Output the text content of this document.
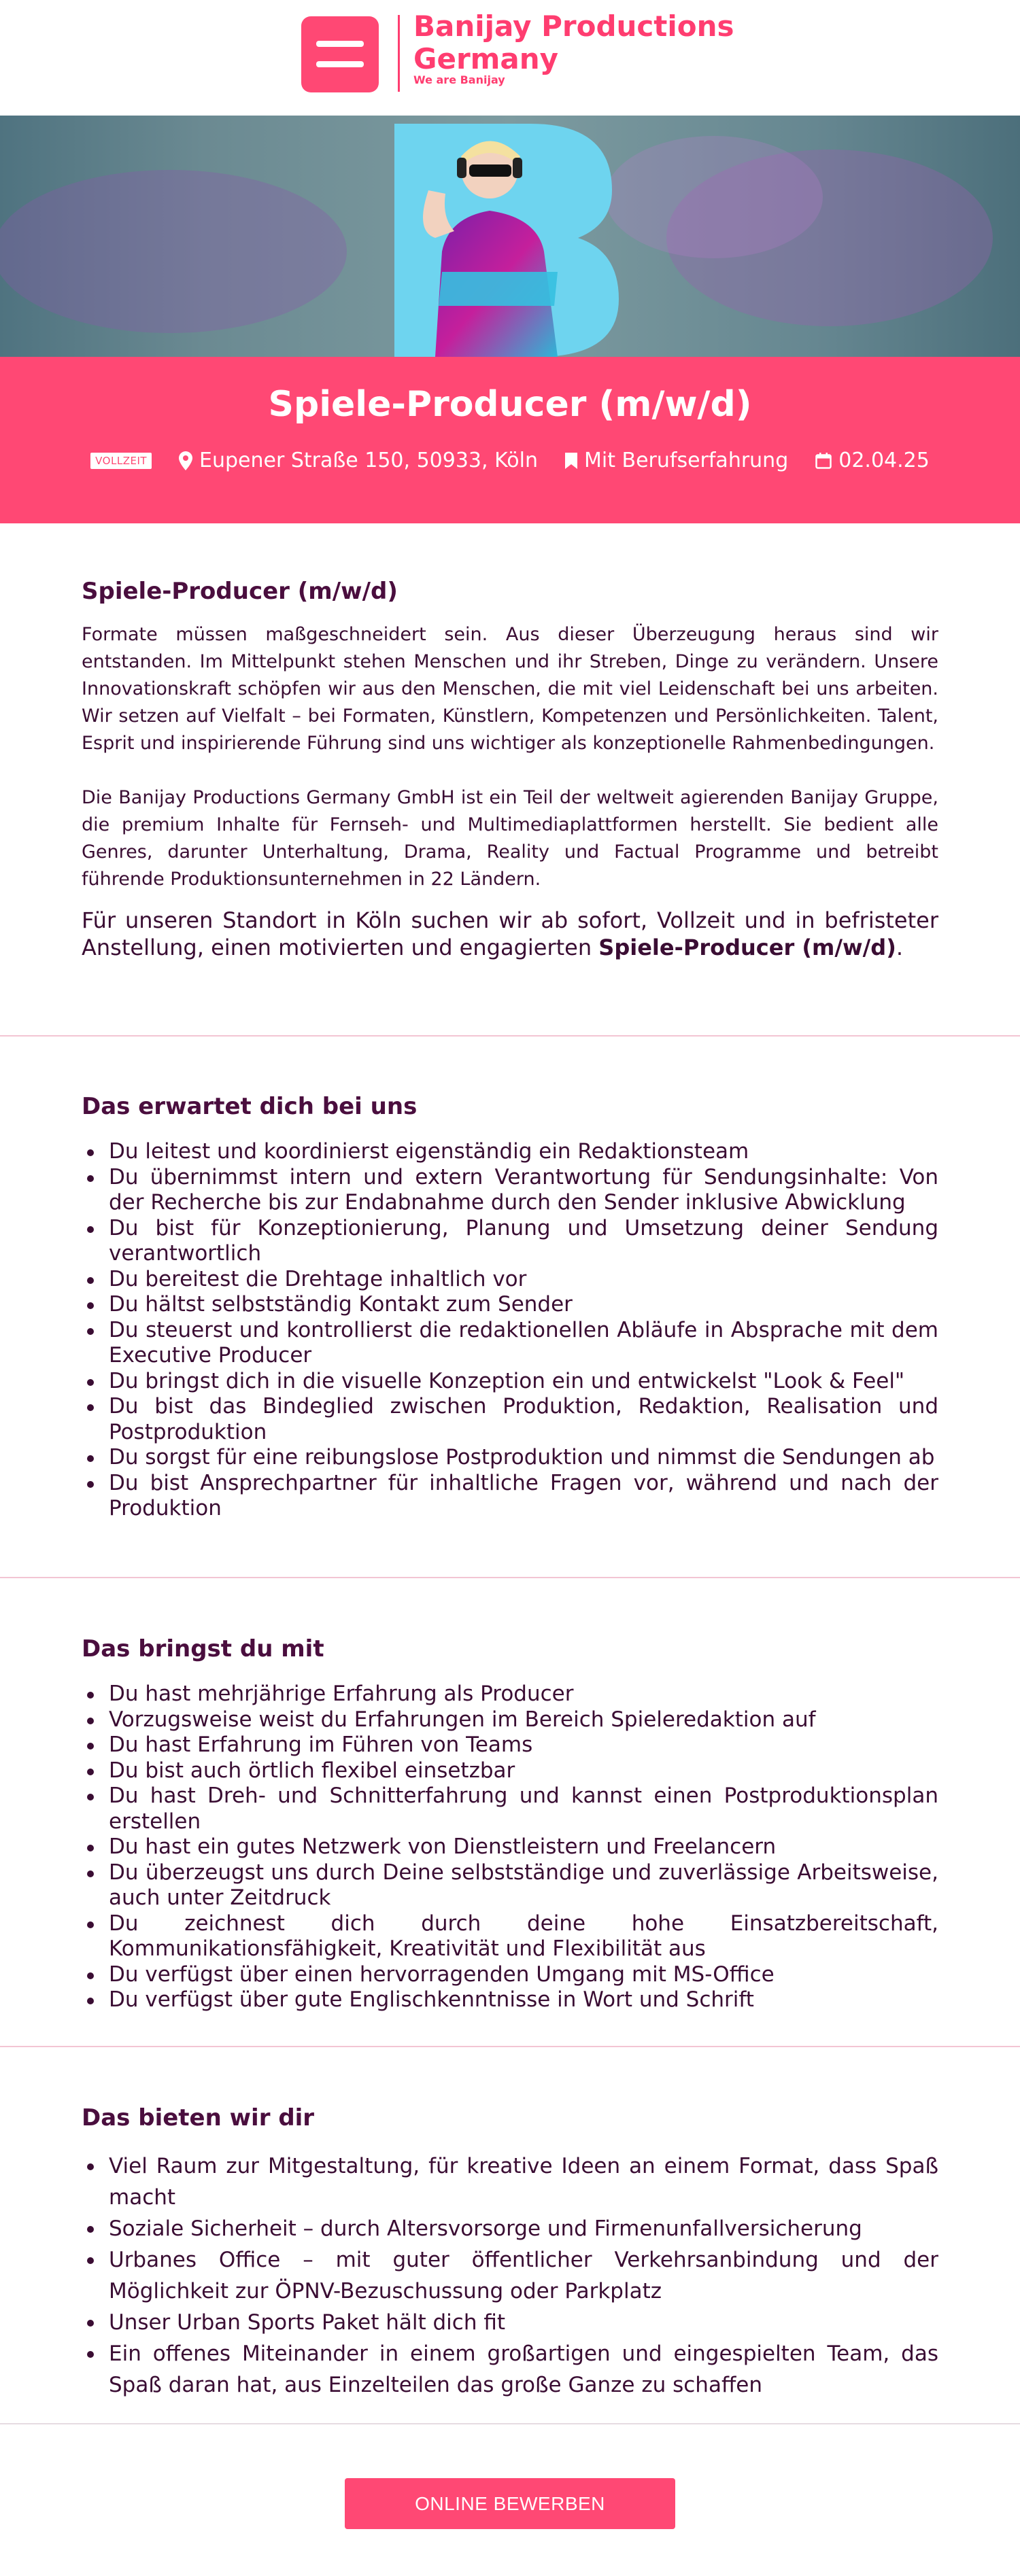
Banijay Productions
Germany
We are Banijay
Spiele-Producer (m/w/d)
VOLLZEIT	Eupener Straße 150, 50933, Köln Mit Berufserfahrung 02.04.25
Spiele-Producer (m/w/d)

Formate müssen maßgeschneidert sein. Aus dieser Überzeugung heraus sind wir entstanden. Im Mittelpunkt stehen Menschen und ihr Streben, Dinge zu verändern. Unsere Innovationskraft schöpfen wir aus den Menschen, die mit viel Leidenschaft bei uns arbeiten. Wir setzen auf Vielfalt – bei Formaten, Künstlern, Kompetenzen und Persönlichkeiten. Talent, Esprit und inspirierende Führung sind uns wichtiger als konzeptionelle Rahmenbedingungen.

Die Banijay Productions Germany GmbH ist ein Teil der weltweit agierenden Banijay Gruppe, die premium Inhalte für Fernseh- und Multimediaplattformen herstellt. Sie bedient alle Genres, darunter Unterhaltung, Drama, Reality und Factual Programme und betreibt führende Produktionsunternehmen in 22 Ländern.

Für unseren Standort in Köln suchen wir ab sofort, Vollzeit und in befristeter Anstellung, einen motivierten und engagierten Spiele-Producer (m/w/d).

Das erwartet dich bei uns
Du leitest und koordinierst eigenständig ein Redaktionsteam
Du übernimmst intern und extern Verantwortung für Sendungsinhalte: Von der Recherche bis zur Endabnahme durch den Sender inklusive Abwicklung
Du bist für Konzeptionierung, Planung und Umsetzung deiner Sendung verantwortlich
Du bereitest die Drehtage inhaltlich vor
Du hältst selbstständig Kontakt zum Sender
Du steuerst und kontrollierst die redaktionellen Abläufe in Absprache mit dem Executive Producer
Du bringst dich in die visuelle Konzeption ein und entwickelst "Look & Feel"
Du bist das Bindeglied zwischen Produktion, Redaktion, Realisation und Postproduktion
Du sorgst für eine reibungslose Postproduktion und nimmst die Sendungen ab
Du bist Ansprechpartner für inhaltliche Fragen vor, während und nach der Produktion
Das bringst du mit
Du hast mehrjährige Erfahrung als Producer
Vorzugsweise weist du Erfahrungen im Bereich Spieleredaktion auf
Du hast Erfahrung im Führen von Teams
Du bist auch örtlich flexibel einsetzbar
Du hast Dreh- und Schnitterfahrung und kannst einen Postproduktionsplan erstellen
Du hast ein gutes Netzwerk von Dienstleistern und Freelancern
Du überzeugst uns durch Deine selbstständige und zuverlässige Arbeitsweise, auch unter Zeitdruck
Du zeichnest dich durch deine hohe Einsatzbereitschaft, Kommunikationsfähigkeit, Kreativität und Flexibilität aus
Du verfügst über einen hervorragenden Umgang mit MS-Office
Du verfügst über gute Englischkenntnisse in Wort und Schrift
Das bieten wir dir
Viel Raum zur Mitgestaltung, für kreative Ideen an einem Format, dass Spaß macht
Soziale Sicherheit – durch Altersvorsorge und Firmenunfallversicherung
Urbanes Office – mit guter öffentlicher Verkehrsanbindung und der Möglichkeit zur ÖPNV-Bezuschussung oder Parkplatz
Unser Urban Sports Paket hält dich fit
Ein offenes Miteinander in einem großartigen und eingespielten Team, das Spaß daran hat, aus Einzelteilen das große Ganze zu schaffen
ONLINE BEWERBEN
